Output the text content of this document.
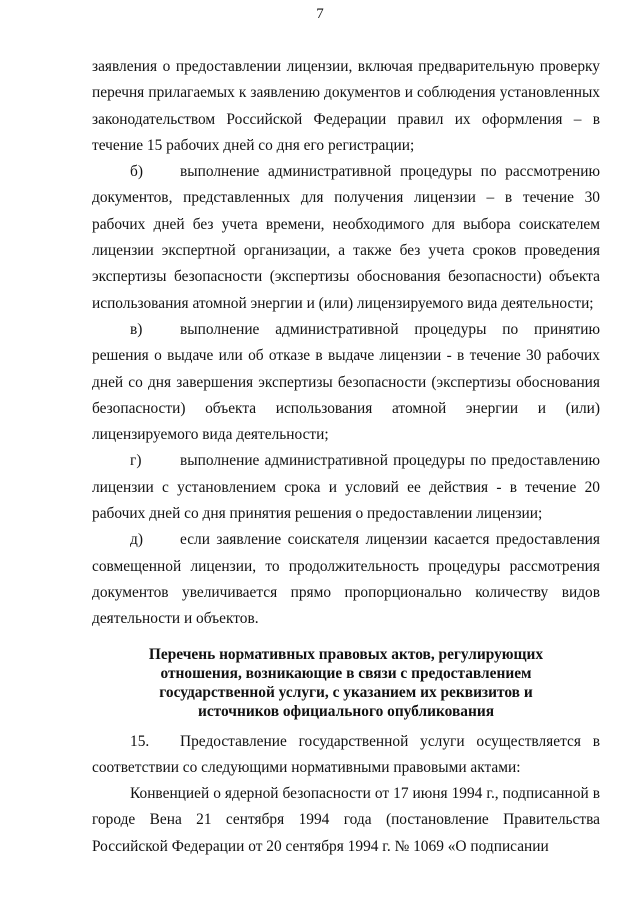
7

заявления о предоставлении лицензии, включая предварительную проверку перечня прилагаемых к заявлению документов и соблюдения установленных законодательством Российской Федерации правил их оформления – в течение 15 рабочих дней со дня его регистрации;

б) выполнение административной процедуры по рассмотрению документов, представленных для получения лицензии – в течение 30 рабочих дней без учета времени, необходимого для выбора соискателем лицензии экспертной организации, а также без учета сроков проведения экспертизы безопасности (экспертизы обоснования безопасности) объекта использования атомной энергии и (или) лицензируемого вида деятельности;

в) выполнение административной процедуры по принятию решения о выдаче или об отказе в выдаче лицензии - в течение 30 рабочих дней со дня завершения экспертизы безопасности (экспертизы обоснования безопасности) объекта использования атомной энергии и (или) лицензируемого вида деятельности;

г)	выполнение административной процедуры по предоставлению лицензии с установлением срока и условий ее действия - в течение 20 рабочих дней со дня принятия решения о предоставлении лицензии;

д) если заявление соискателя лицензии касается предоставления совмещенной лицензии, то продолжительность процедуры рассмотрения документов увеличивается прямо пропорционально количеству видов деятельности и объектов.

Перечень нормативных правовых актов, регулирующих отношения, возникающие в связи с предоставлением государственной услуги, с указанием их реквизитов и источников официального опубликования

15. Предоставление государственной услуги осуществляется в соответствии со следующими нормативными правовыми актами:

Конвенцией о ядерной безопасности от 17 июня 1994 г., подписанной в городе Вена 21 сентября 1994 года (постановление Правительства Российской Федерации от 20 сентября 1994 г. № 1069 «О подписании
